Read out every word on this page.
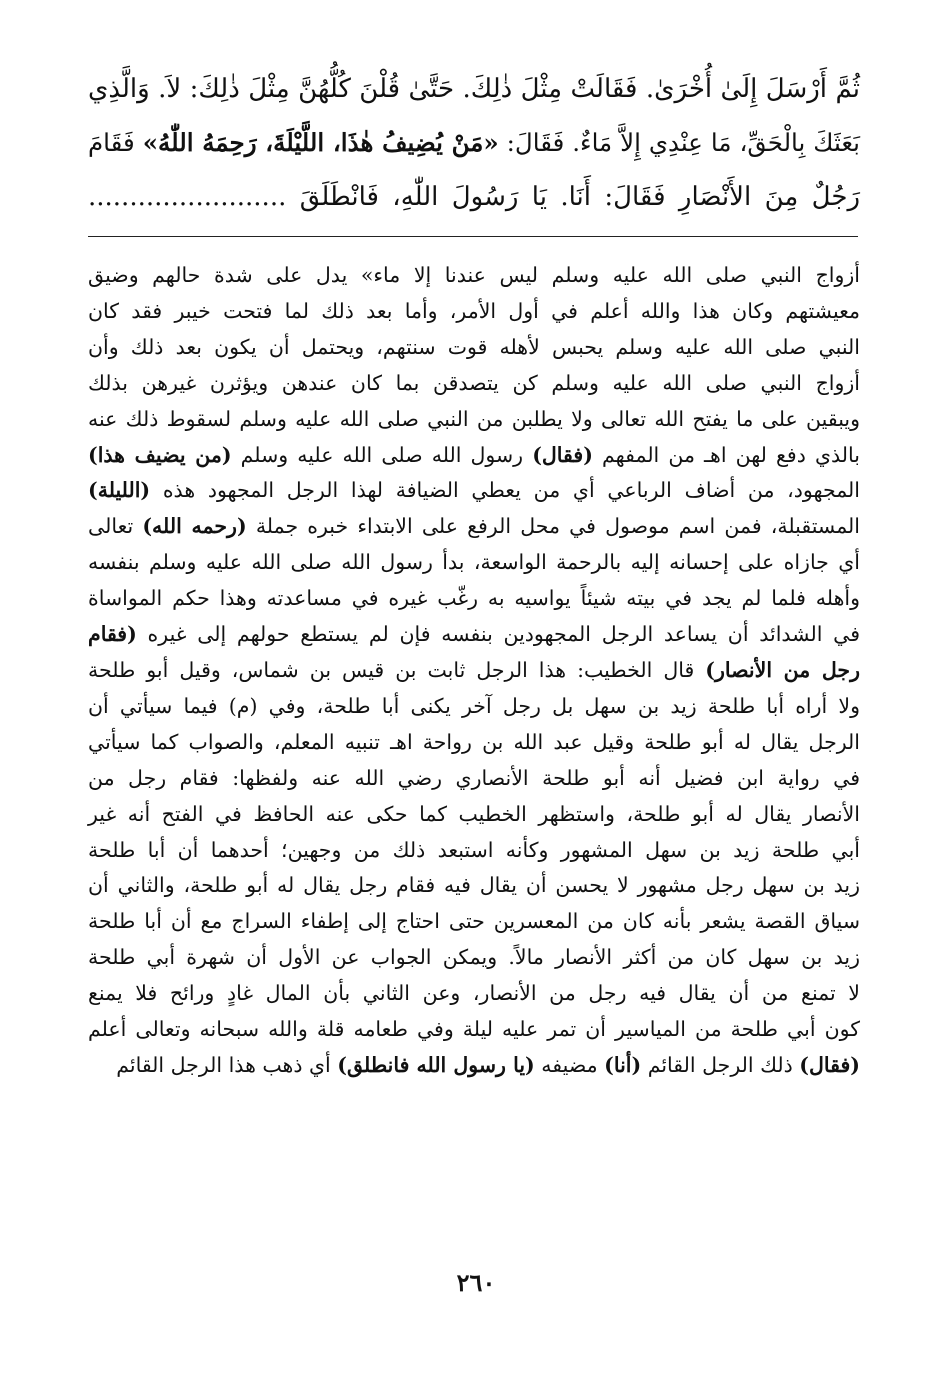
ثُمَّ أَرْسَلَ إِلَىٰ أُخْرَىٰ. فَقَالَتْ مِثْلَ ذٰلِكَ. حَتَّىٰ قُلْنَ كُلُّهُنَّ مِثْلَ ذٰلِكَ: لاَ. وَالَّذِي
بَعَثَكَ بِالْحَقِّ، مَا عِنْدِي إِلاَّ مَاءٌ. فَقَالَ: «مَنْ يُضِيفُ هٰذَا، اللَّيْلَةَ، رَحِمَهُ اللّٰهُ» فَقَامَ
رَجُلٌ مِنَ الأَنْصَارِ فَقَالَ: أَنَا. يَا رَسُولَ اللّٰهِ، فَانْطَلَقَ ........................
أزواج النبي صلى الله عليه وسلم ليس عندنا إلا ماء» يدل على شدة حالهم وضيق
معيشتهم وكان هذا والله أعلم في أول الأمر، وأما بعد ذلك لما فتحت خيبر فقد كان
النبي صلى الله عليه وسلم يحبس لأهله قوت سنتهم، ويحتمل أن يكون بعد ذلك وأن
أزواج النبي صلى الله عليه وسلم كن يتصدقن بما كان عندهن ويؤثرن غيرهن بذلك
ويبقين على ما يفتح الله تعالى ولا يطلبن من النبي صلى الله عليه وسلم لسقوط ذلك عنه
بالذي دفع لهن اهـ من المفهم (فقال) رسول الله صلى الله عليه وسلم (من يضيف هذا)
المجهود، من أضاف الرباعي أي من يعطي الضيافة لهذا الرجل المجهود هذه (الليلة)
المستقبلة، فمن اسم موصول في محل الرفع على الابتداء خبره جملة (رحمه الله) تعالى
أي جازاه على إحسانه إليه بالرحمة الواسعة، بدأ رسول الله صلى الله عليه وسلم بنفسه
وأهله فلما لم يجد في بيته شيئاً يواسيه به رغّب غيره في مساعدته وهذا حكم المواساة
في الشدائد أن يساعد الرجل المجهودين بنفسه فإن لم يستطع حولهم إلى غيره (فقام
رجل من الأنصار) قال الخطيب: هذا الرجل ثابت بن قيس بن شماس، وقيل أبو طلحة
ولا أراه أبا طلحة زيد بن سهل بل رجل آخر يكنى أبا طلحة، وفي (م) فيما سيأتي أن
الرجل يقال له أبو طلحة وقيل عبد الله بن رواحة اهـ تنبيه المعلم، والصواب كما سيأتي
في رواية ابن فضيل أنه أبو طلحة الأنصاري رضي الله عنه ولفظها: فقام رجل من
الأنصار يقال له أبو طلحة، واستظهر الخطيب كما حكى عنه الحافظ في الفتح أنه غير
أبي طلحة زيد بن سهل المشهور وكأنه استبعد ذلك من وجهين؛ أحدهما أن أبا طلحة
زيد بن سهل رجل مشهور لا يحسن أن يقال فيه فقام رجل يقال له أبو طلحة، والثاني أن
سياق القصة يشعر بأنه كان من المعسرين حتى احتاج إلى إطفاء السراج مع أن أبا طلحة
زيد بن سهل كان من أكثر الأنصار مالاً. ويمكن الجواب عن الأول أن شهرة أبي طلحة
لا تمنع من أن يقال فيه رجل من الأنصار، وعن الثاني بأن المال غادٍ ورائح فلا يمنع
كون أبي طلحة من المياسير أن تمر عليه ليلة وفي طعامه قلة والله سبحانه وتعالى أعلم
(فقال) ذلك الرجل القائم (أنا) مضيفه (يا رسول الله فانطلق) أي ذهب هذا الرجل القائم
٢٦٠
